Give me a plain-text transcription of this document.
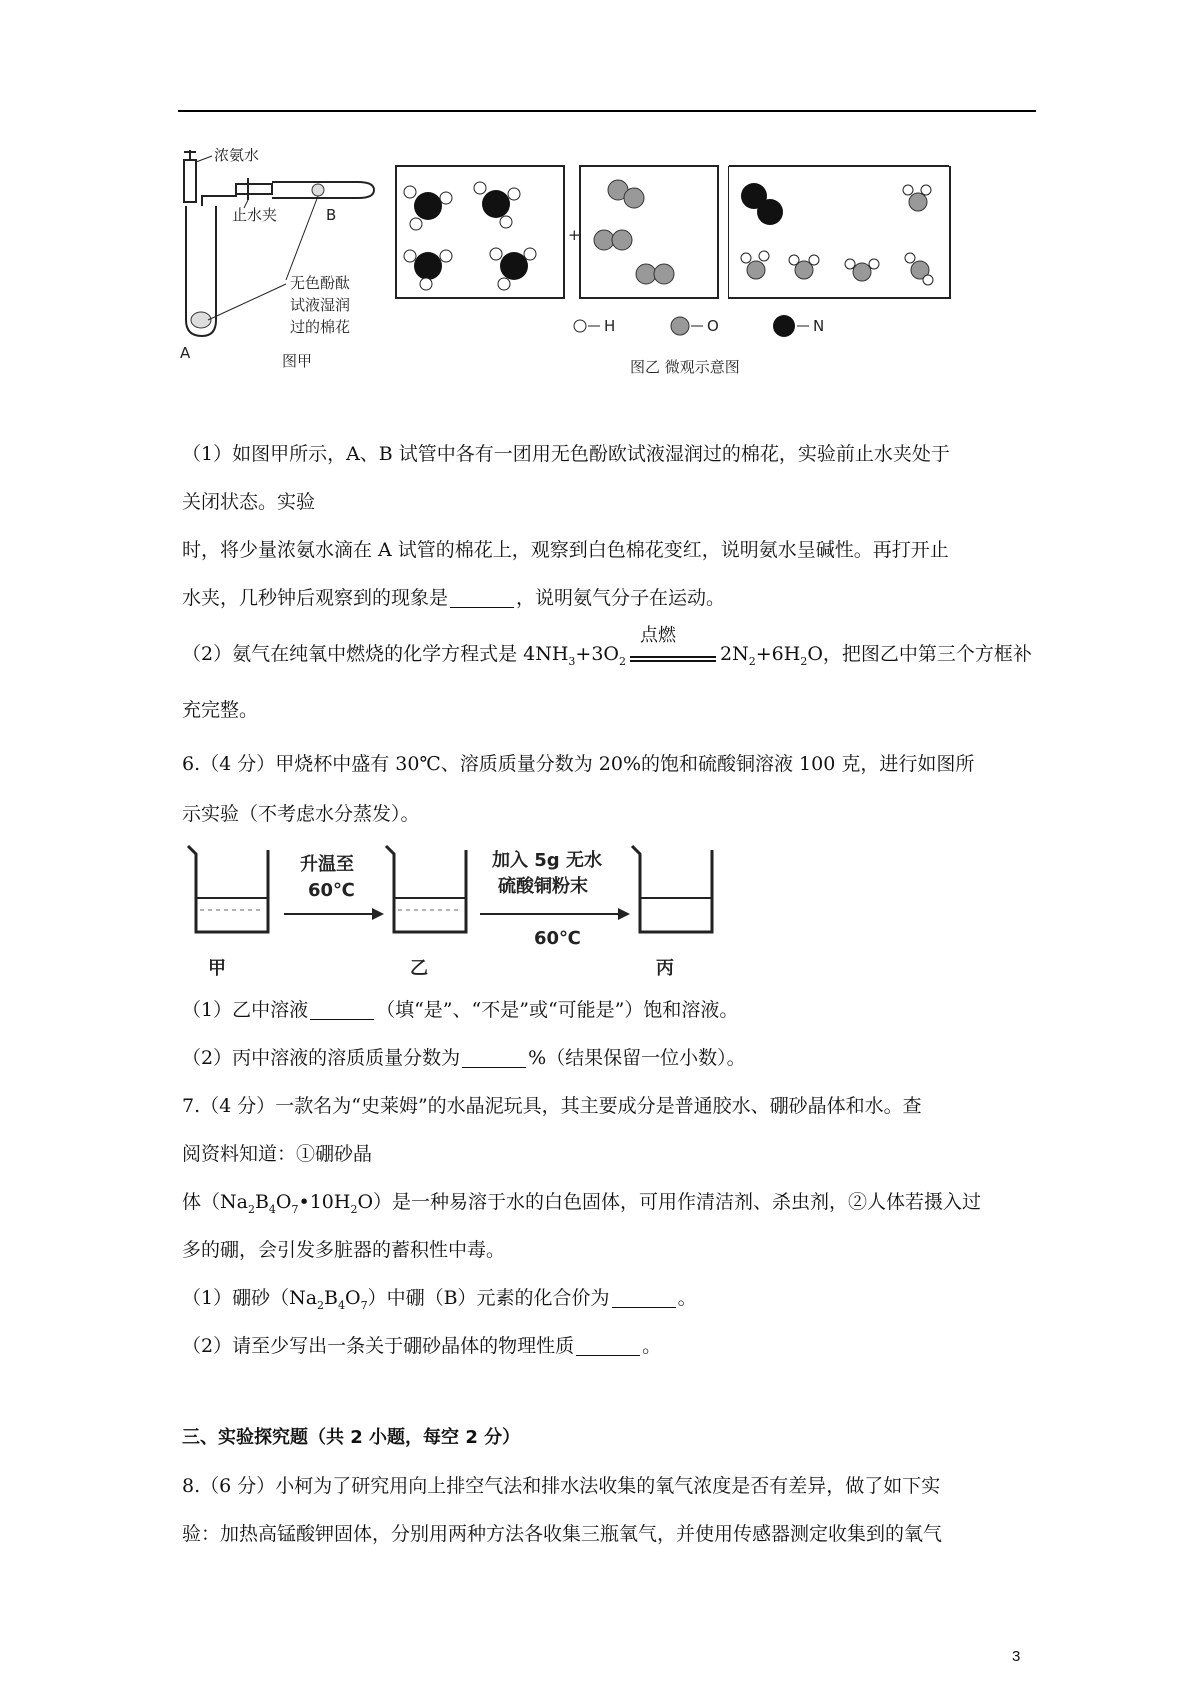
浓氨水
A
止水夹	B
无色酚酞
试液湿润
过的棉花
图甲
+
H	O	N
图乙 微观示意图
（1）如图甲所示，A、B 试管中各有一团用无色酚欧试液湿润过的棉花，实验前止水夹处于
关闭状态。实验
时，将少量浓氨水滴在 A 试管的棉花上，观察到白色棉花变红，说明氨水呈碱性。再打开止
水夹，几秒钟后观察到的现象是	，说明氨气分子在运动。
（2）氨气在纯氧中燃烧的化学方程式是 $4NH_3+3O_2$
点燃
$2N_2+6H_2O$，把图乙中第三个方框补
充完整。
6.（4 分）甲烧杯中盛有 30℃、溶质质量分数为 20%的饱和硫酸铜溶液 100 克，进行如图所
示实验（不考虑水分蒸发）。
甲
升温至
60℃
乙
加入 5g 无水
硫酸铜粉末
60℃
丙
（1）乙中溶液	（填“是”、“不是”或“可能是”）饱和溶液。
（2）丙中溶液的溶质质量分数为	%（结果保留一位小数）。
7.（4 分）一款名为“史莱姆”的水晶泥玩具，其主要成分是普通胶水、硼砂晶体和水。查
阅资料知道：①硼砂晶
体$(Na_2B_4O_7•10H_2O)$是一种易溶于水的白色固体，可用作清洁剂、杀虫剂，②人体若摄入过
多的硼，会引发多脏器的蓄积性中毒。
（1）硼砂$(Na_2B_4O_7)$中硼（B）元素的化合价为	。
（2）请至少写出一条关于硼砂晶体的物理性质	。
三、实验探究题（共 2 小题，每空 2 分）
8.（6 分）小柯为了研究用向上排空气法和排水法收集的氧气浓度是否有差异，做了如下实
验：加热高锰酸钾固体，分别用两种方法各收集三瓶氧气，并使用传感器测定收集到的氧气
3
